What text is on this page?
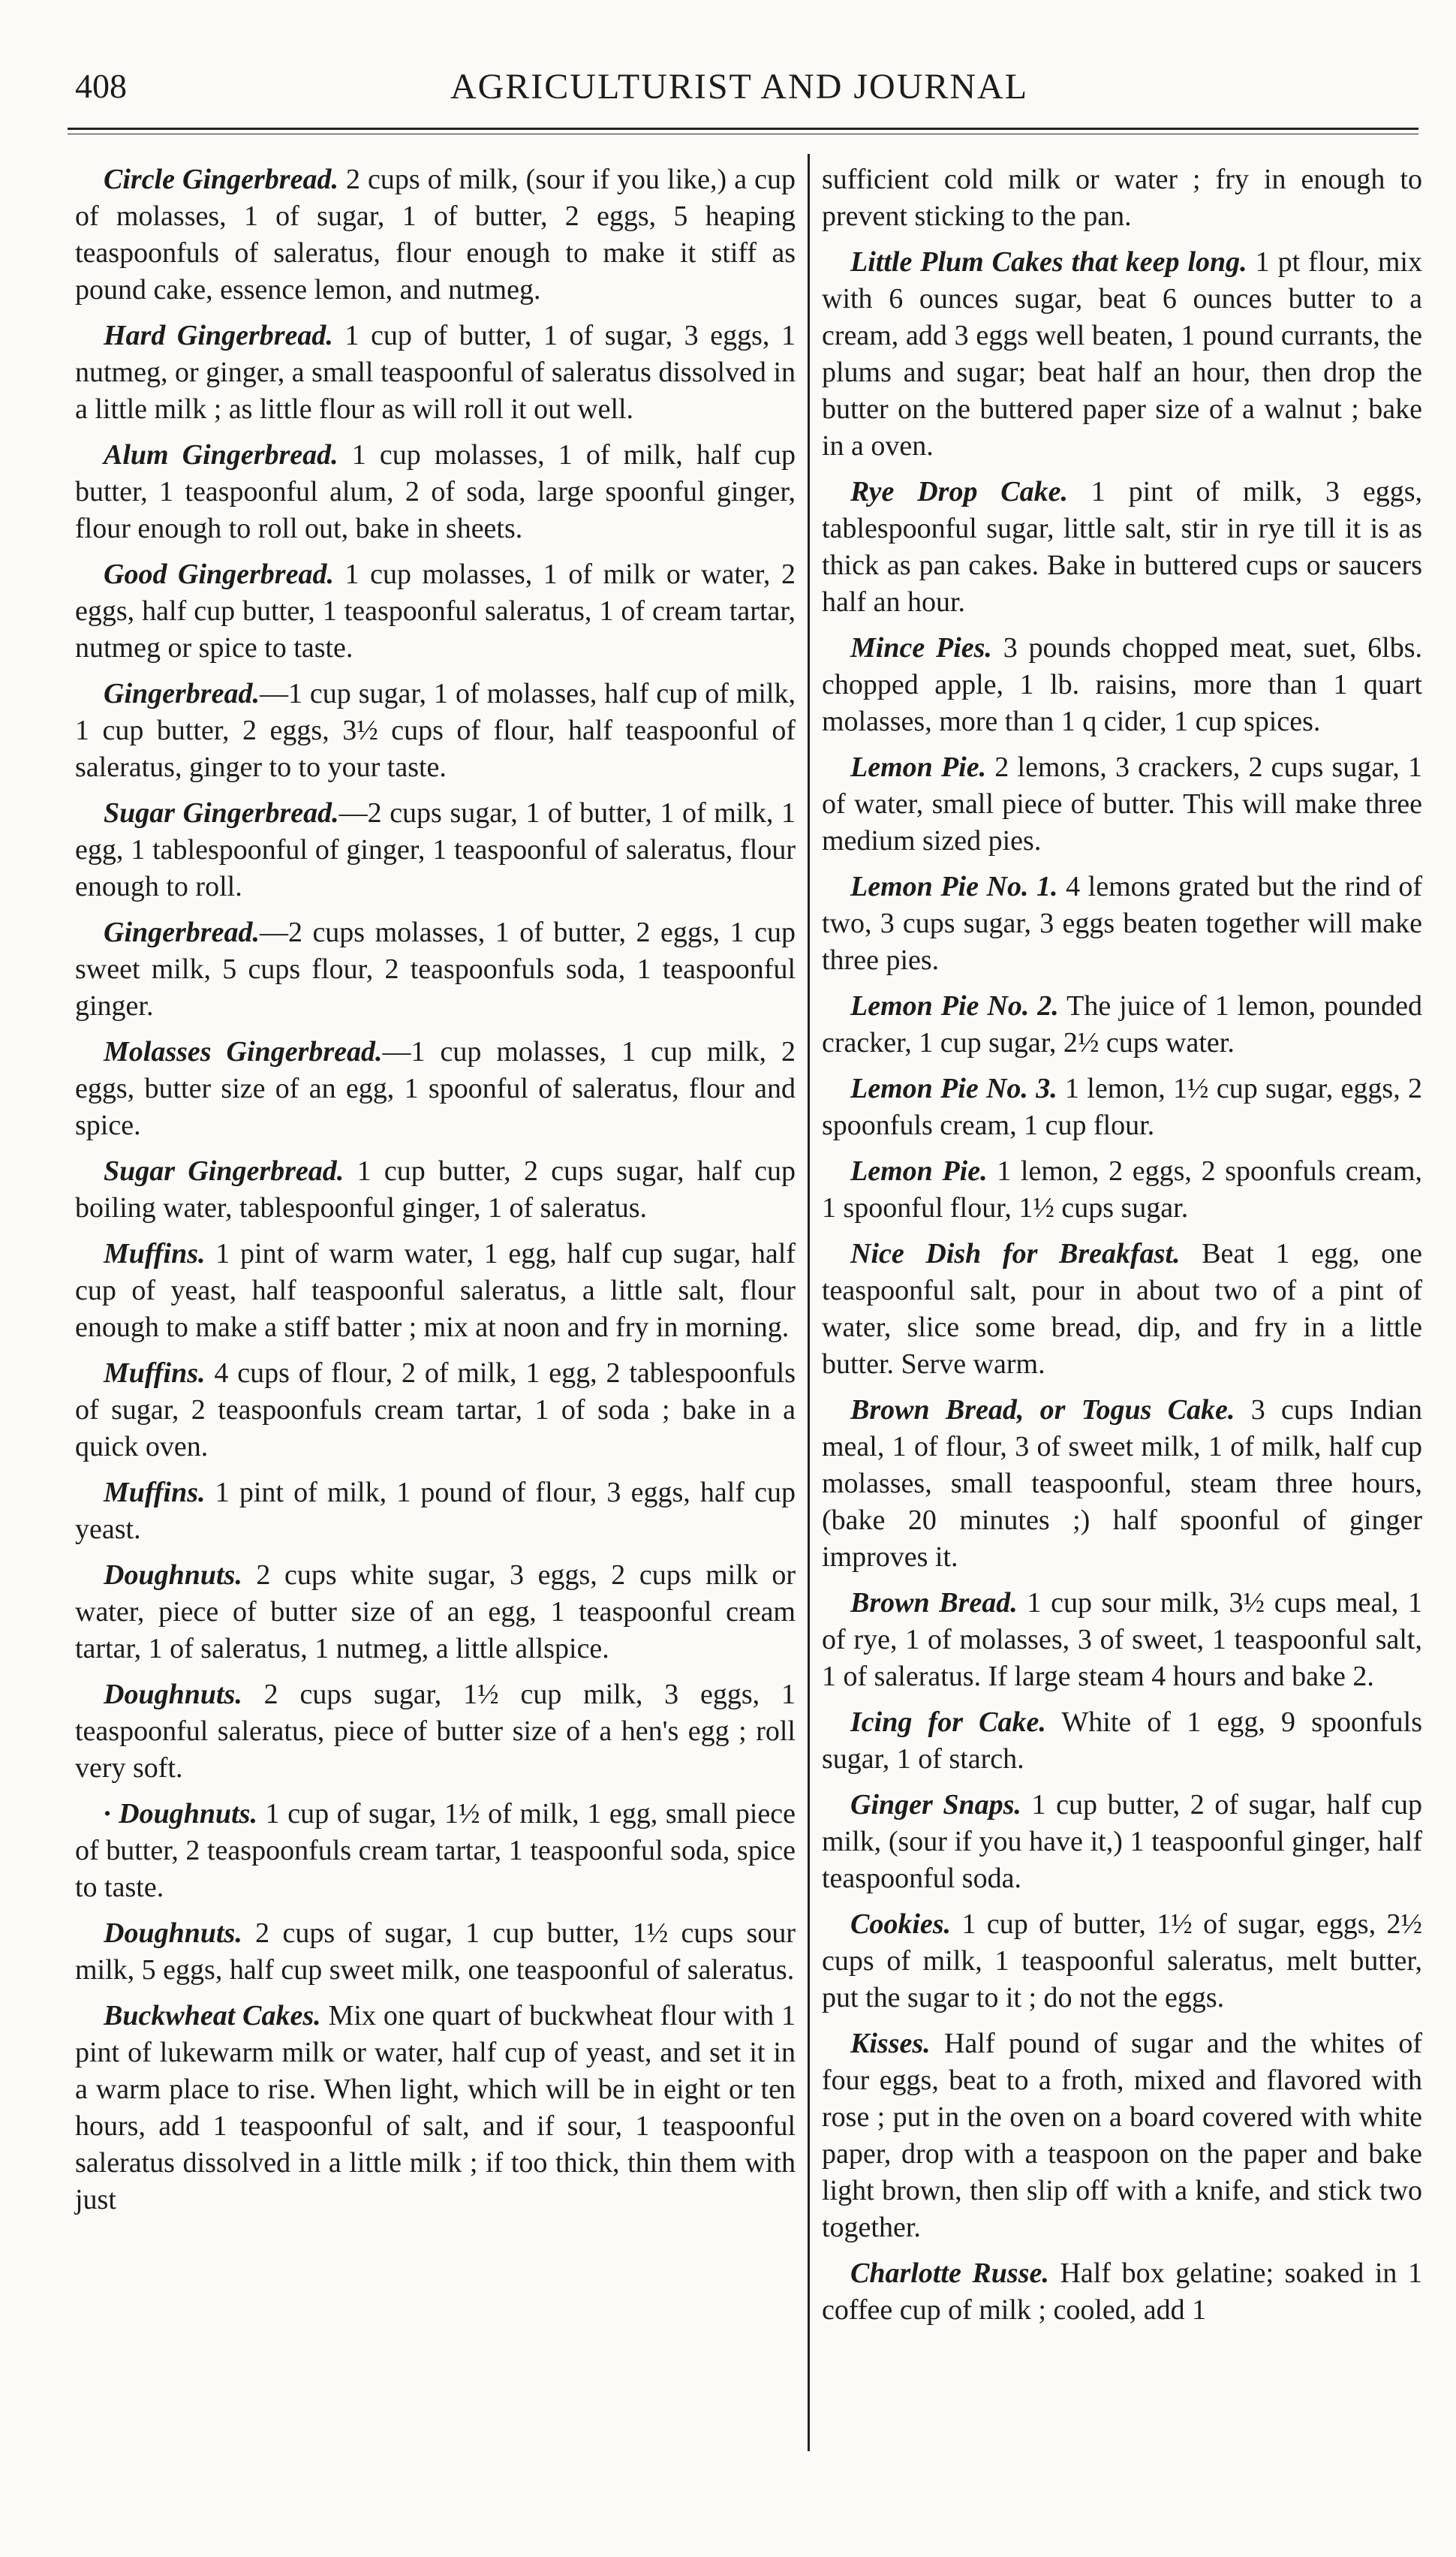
408	AGRICULTURIST AND JOURNAL

Circle Gingerbread. 2 cups of milk, (sour if you like,) a cup of molasses, 1 of sugar, 1 of butter, 2 eggs, 5 heaping teaspoonfuls of saleratus, flour enough to make it stiff as pound cake, essence lemon, and nutmeg.

Hard Gingerbread. 1 cup of butter, 1 of sugar, 3 eggs, 1 nutmeg, or ginger, a small teaspoonful of saleratus dissolved in a little milk ; as little flour as will roll it out well.

Alum Gingerbread. 1 cup molasses, 1 of milk, half cup butter, 1 teaspoonful alum, 2 of soda, large spoonful ginger, flour enough to roll out, bake in sheets.

Good Gingerbread. 1 cup molasses, 1 of milk or water, 2 eggs, half cup butter, 1 teaspoonful saleratus, 1 of cream tartar, nutmeg or spice to taste.

Gingerbread.—1 cup sugar, 1 of molasses, half cup of milk, 1 cup butter, 2 eggs, 3½ cups of flour, half teaspoonful of saleratus, ginger to to your taste.

Sugar Gingerbread.—2 cups sugar, 1 of butter, 1 of milk, 1 egg, 1 tablespoonful of ginger, 1 teaspoonful of saleratus, flour enough to roll.

Gingerbread.—2 cups molasses, 1 of butter, 2 eggs, 1 cup sweet milk, 5 cups flour, 2 teaspoonfuls soda, 1 teaspoonful ginger.

Molasses Gingerbread.—1 cup molasses, 1 cup milk, 2 eggs, butter size of an egg, 1 spoonful of saleratus, flour and spice.

Sugar Gingerbread. 1 cup butter, 2 cups sugar, half cup boiling water, tablespoonful ginger, 1 of saleratus.

Muffins. 1 pint of warm water, 1 egg, half cup sugar, half cup of yeast, half teaspoonful saleratus, a little salt, flour enough to make a stiff batter ; mix at noon and fry in morning.

Muffins. 4 cups of flour, 2 of milk, 1 egg, 2 tablespoonfuls of sugar, 2 teaspoonfuls cream tartar, 1 of soda ; bake in a quick oven.

Muffins. 1 pint of milk, 1 pound of flour, 3 eggs, half cup yeast.

Doughnuts. 2 cups white sugar, 3 eggs, 2 cups milk or water, piece of butter size of an egg, 1 teaspoonful cream tartar, 1 of saleratus, 1 nutmeg, a little allspice.

Doughnuts. 2 cups sugar, 1½ cup milk, 3 eggs, 1 teaspoonful saleratus, piece of butter size of a hen's egg ; roll very soft.

· Doughnuts. 1 cup of sugar, 1½ of milk, 1 egg, small piece of butter, 2 teaspoonfuls cream tartar, 1 teaspoonful soda, spice to taste.

Doughnuts. 2 cups of sugar, 1 cup butter, 1½ cups sour milk, 5 eggs, half cup sweet milk, one teaspoonful of saleratus.

Buckwheat Cakes. Mix one quart of buckwheat flour with 1 pint of lukewarm milk or water, half cup of yeast, and set it in a warm place to rise. When light, which will be in eight or ten hours, add 1 teaspoonful of salt, and if sour, 1 teaspoonful saleratus dissolved in a little milk ; if too thick, thin them with just

sufficient cold milk or water ; fry in enough to prevent sticking to the pan.

Little Plum Cakes that keep long. 1 pt flour, mix with 6 ounces sugar, beat 6 ounces butter to a cream, add 3 eggs well beaten, 1 pound currants, the plums and sugar; beat half an hour, then drop the butter on the buttered paper size of a walnut ; bake in a oven.

Rye Drop Cake. 1 pint of milk, 3 eggs, tablespoonful sugar, little salt, stir in rye till it is as thick as pan cakes. Bake in buttered cups or saucers half an hour.

Mince Pies. 3 pounds chopped meat, suet, 6lbs. chopped apple, 1 lb. raisins, more than 1 quart molasses, more than 1 q cider, 1 cup spices.

Lemon Pie. 2 lemons, 3 crackers, 2 cups sugar, 1 of water, small piece of butter. This will make three medium sized pies.

Lemon Pie No. 1. 4 lemons grated but the rind of two, 3 cups sugar, 3 eggs beaten together will make three pies.

Lemon Pie No. 2. The juice of 1 lemon, pounded cracker, 1 cup sugar, 2½ cups water.

Lemon Pie No. 3. 1 lemon, 1½ cup sugar, eggs, 2 spoonfuls cream, 1 cup flour.

Lemon Pie. 1 lemon, 2 eggs, 2 spoonfuls cream, 1 spoonful flour, 1½ cups sugar.

Nice Dish for Breakfast. Beat 1 egg, one teaspoonful salt, pour in about two of a pint of water, slice some bread, dip, and fry in a little butter. Serve warm.

Brown Bread, or Togus Cake. 3 cups Indian meal, 1 of flour, 3 of sweet milk, 1 of milk, half cup molasses, small teaspoonful, steam three hours, (bake 20 minutes ;) half spoonful of ginger improves it.

Brown Bread. 1 cup sour milk, 3½ cups meal, 1 of rye, 1 of molasses, 3 of sweet, 1 teaspoonful salt, 1 of saleratus. If large steam 4 hours and bake 2.

Icing for Cake. White of 1 egg, 9 spoonfuls sugar, 1 of starch.

Ginger Snaps. 1 cup butter, 2 of sugar, half cup milk, (sour if you have it,) 1 teaspoonful ginger, half teaspoonful soda.

Cookies. 1 cup of butter, 1½ of sugar, eggs, 2½ cups of milk, 1 teaspoonful saleratus, melt butter, put the sugar to it ; do not the eggs.

Kisses. Half pound of sugar and the whites of four eggs, beat to a froth, mixed and flavored with rose ; put in the oven on a board covered with white paper, drop with a teaspoon on the paper and bake light brown, then slip off with a knife, and stick two together.

Charlotte Russe. Half box gelatine; soaked in 1 coffee cup of milk ; cooled, add 1
